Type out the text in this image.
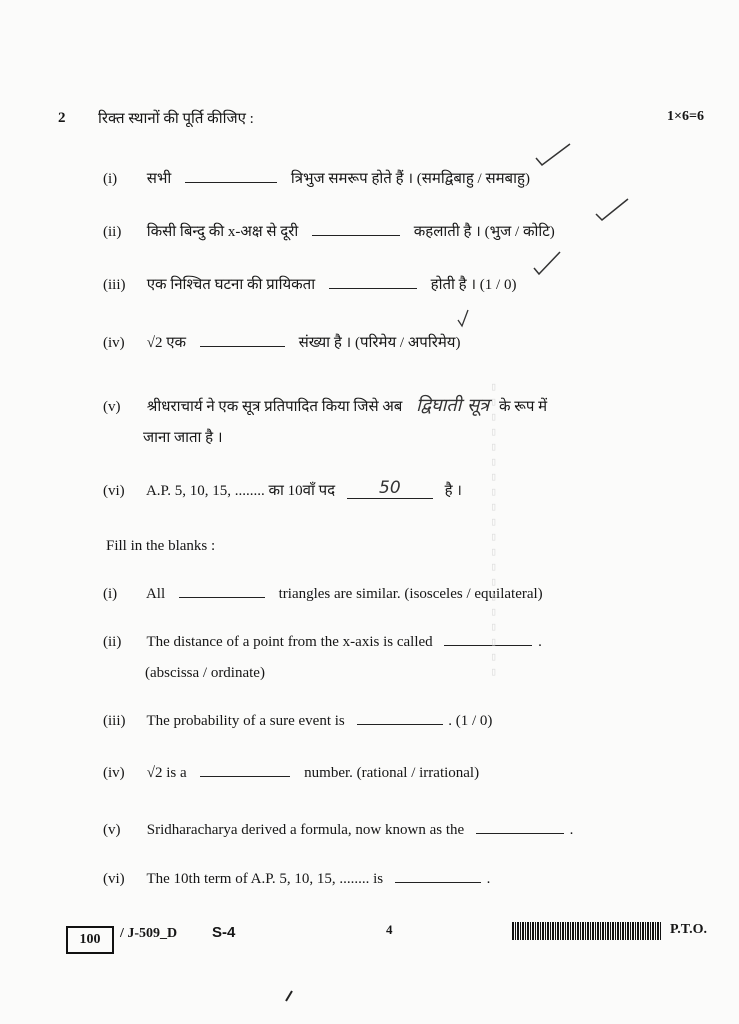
2 रिक्त स्थानों की पूर्ति कीजिए :	1×6=6
(i) सभी	त्रिभुज समरूप होते हैं । (समद्विबाहु / समबाहु)
(ii) किसी बिन्दु की x-अक्ष से दूरी	कहलाती है । (भुज / कोटि)
(iii) एक निश्चित घटना की प्रायिकता	होती है । (1 / 0)
(iv) √2 एक	संख्या है । (परिमेय / अपरिमेय)
(v) श्रीधराचार्य ने एक सूत्र प्रतिपादित किया जिसे अब द्विघाती सूत्र के रूप में
जाना जाता है ।
(vi) A.P. 5, 10, 15, ........ का 10वाँ पद	50	है ।
Fill in the blanks :
(i) All	triangles are similar. (isosceles / equilateral)
(ii) The distance of a point from the x-axis is called	.
(abscissa / ordinate)
(iii) The probability of a sure event is	. (1 / 0)
(iv) √2 is a	number. (rational / irrational)
(v) Sridharacharya derived a formula, now known as the	.
(vi) The 10th term of A.P. 5, 10, 15, ........ is	.
▯▯▯▯▯▯▯▯▯▯▯▯▯▯▯▯▯▯▯▯
100 / J-509_D S-4	4	P.T.O.
